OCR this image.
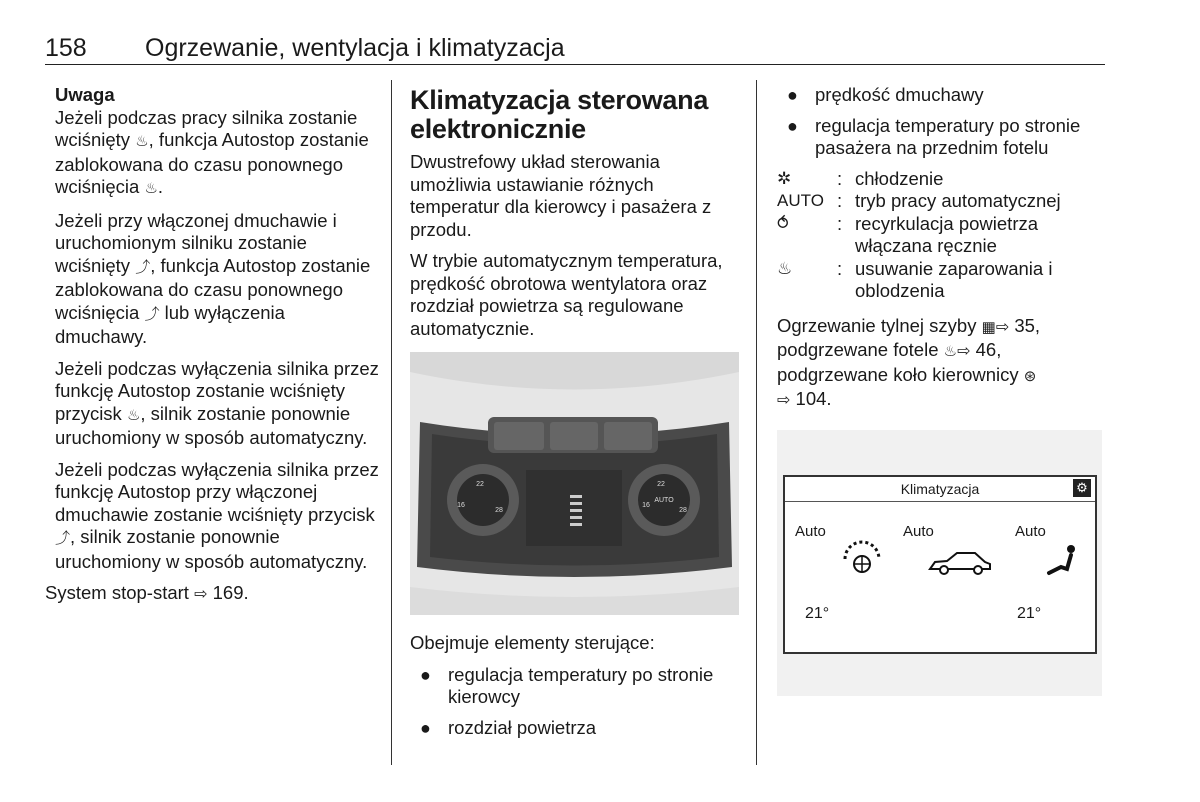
158 Ogrzewanie, wentylacja i klimatyzacja

Uwaga

Jeżeli podczas pracy silnika zostanie wciśnięty ♨, funkcja Autostop zostanie zablokowana do czasu ponownego wciśnięcia ♨.

Jeżeli przy włączonej dmuchawie i uruchomionym silniku zostanie wciśnięty ⤴, funkcja Autostop zostanie zablokowana do czasu ponownego wciśnięcia ⤴ lub wyłączenia dmuchawy.

Jeżeli podczas wyłączenia silnika przez funkcję Autostop zostanie wciśnięty przycisk ♨, silnik zostanie ponownie uruchomiony w sposób automatyczny.

Jeżeli podczas wyłączenia silnika przez funkcję Autostop przy włączonej dmuchawie zostanie wciśnięty przycisk ⤴, silnik zostanie ponownie uruchomiony w sposób automatyczny.

System stop-start ⇨ 169.

Klimatyzacja sterowana elektronicznie

Dwustrefowy układ sterowania umożliwia ustawianie różnych temperatur dla kierowcy i pasażera z przodu.

W trybie automatycznym temperatura, prędkość obrotowa wentylatora oraz rozdział powietrza są regulowane automatycznie.

22
16
28
22
16
28
AUTO

Obejmuje elementy sterujące:

● regulacja temperatury po stronie kierowcy
● rozdział powietrza
● prędkość dmuchawy
● regulacja temperatury po stronie pasażera na przednim fotelu
✲	: chłodzenie
AUTO : tryb pracy automatycznej
⥀	: recyrkulacja powietrza włączana ręcznie
♨	: usuwanie zaparowania i oblodzenia
Ogrzewanie tylnej szyby ▦⇨ 35,
podgrzewane fotele ♨⇨ 46,
podgrzewane koło kierownicy ⊛
⇨ 104.
Klimatyzacja	⚙
Auto	Auto	Auto
21°	21°
